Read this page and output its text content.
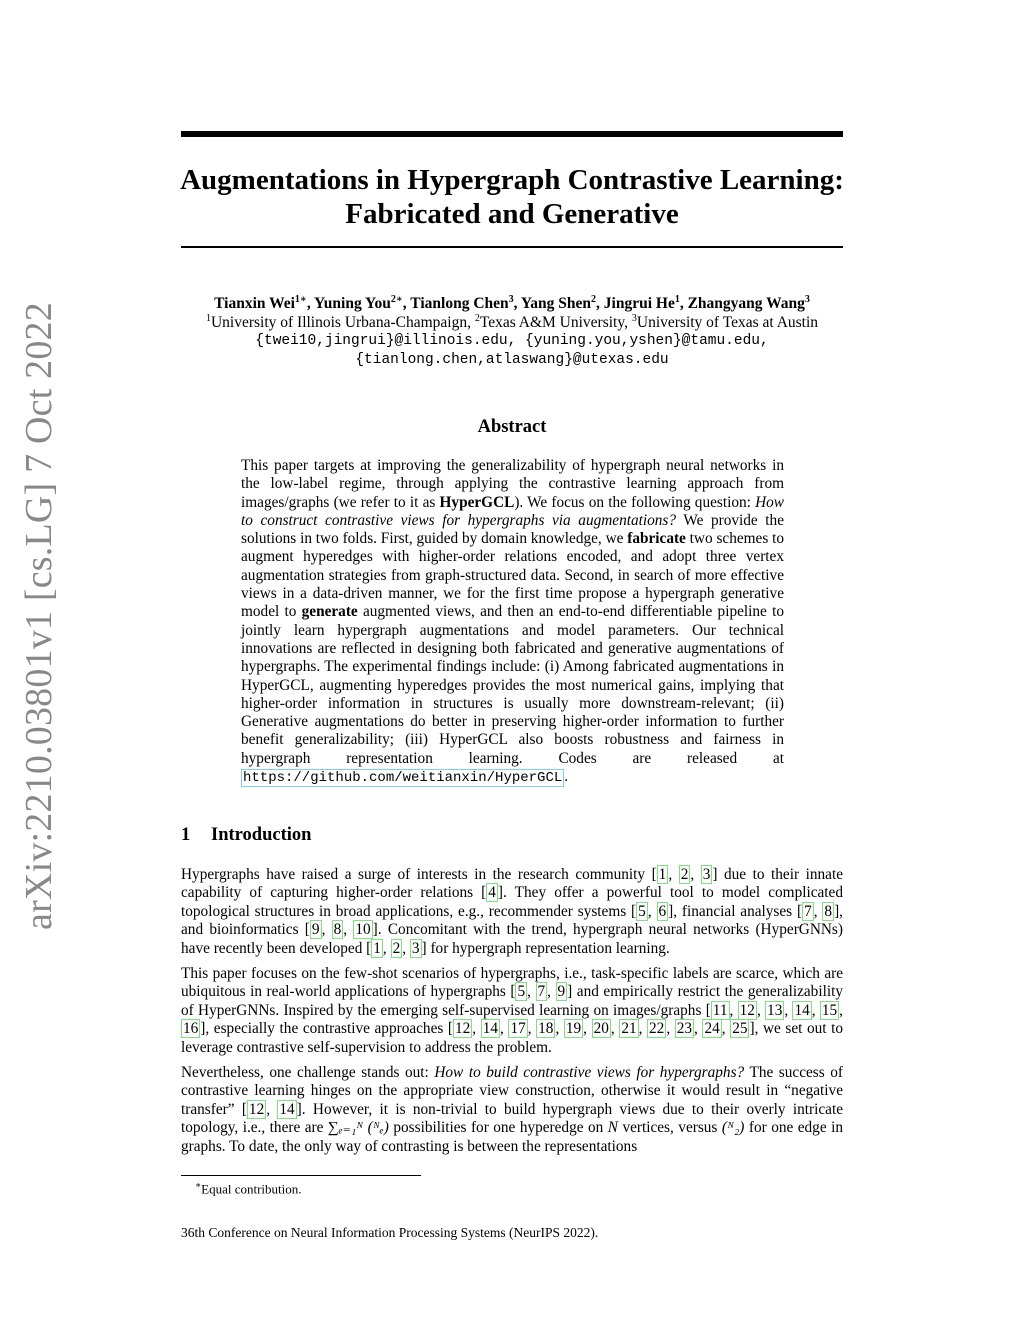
arXiv:2210.03801v1 [cs.LG] 7 Oct 2022
Augmentations in Hypergraph Contrastive Learning:
Fabricated and Generative
Tianxin Wei$^{1∗}$, Yuning You$^{2∗}$, Tianlong Chen$^3$, Yang Shen$^2$, Jingrui He$^1$, Zhangyang Wang$^3$
$^1$University of Illinois Urbana-Champaign, $^2$Texas A&M University, $^3$University of Texas at Austin
{twei10,jingrui}@illinois.edu, {yuning.you,yshen}@tamu.edu,
{tianlong.chen,atlaswang}@utexas.edu
Abstract
This paper targets at improving the generalizability of hypergraph neural networks in the low-label regime, through applying the contrastive learning approach from images/graphs (we refer to it as HyperGCL). We focus on the following question: How to construct contrastive views for hypergraphs via augmentations? We provide the solutions in two folds. First, guided by domain knowledge, we fabricate two schemes to augment hyperedges with higher-order relations encoded, and adopt three vertex augmentation strategies from graph-structured data. Second, in search of more effective views in a data-driven manner, we for the first time propose a hypergraph generative model to generate augmented views, and then an end-to-end differentiable pipeline to jointly learn hypergraph augmentations and model parameters. Our technical innovations are reflected in designing both fabricated and generative augmentations of hypergraphs. The experimental findings include: (i) Among fabricated augmentations in HyperGCL, augmenting hyperedges provides the most numerical gains, implying that higher-order information in structures is usually more downstream-relevant; (ii) Generative augmentations do better in preserving higher-order information to further benefit generalizability; (iii) HyperGCL also boosts robustness and fairness in hypergraph representation learning. Codes are released at https://github.com/weitianxin/HyperGCL .
1 Introduction

Hypergraphs have raised a surge of interests in the research community [ 1 , 2 , 3 ] due to their innate capability of capturing higher-order relations [ 4 ]. They offer a powerful tool to model complicated topological structures in broad applications, e.g., recommender systems [ 5 , 6 ], financial analyses [ 7 , 8 ], and bioinformatics [ 9 , 8 , 10 ]. Concomitant with the trend, hypergraph neural networks (HyperGNNs) have recently been developed [ 1 , 2 , 3 ] for hypergraph representation learning.

This paper focuses on the few-shot scenarios of hypergraphs, i.e., task-specific labels are scarce, which are ubiquitous in real-world applications of hypergraphs [ 5 , 7 , 9 ] and empirically restrict the generalizability of HyperGNNs. Inspired by the emerging self-supervised learning on images/graphs [ 11 , 12 , 13 , 14 , 15 , 16 ], especially the contrastive approaches [ 12 , 14 , 17 , 18 , 19 , 20 , 21 , 22 , 23 , 24 , 25 ], we set out to leverage contrastive self-supervision to address the problem.

Nevertheless, one challenge stands out: How to build contrastive views for hypergraphs? The success of contrastive learning hinges on the appropriate view construction, otherwise it would result in “negative transfer” [ 12 , 14 ]. However, it is non-trivial to build hypergraph views due to their overly intricate topology, i.e., there are ∑ₑ₌₁ᴺ (ᴺₑ) possibilities for one hyperedge on N vertices, versus (ᴺ₂) for one edge in graphs. To date, the only way of contrasting is between the representations

∗Equal contribution.
36th Conference on Neural Information Processing Systems (NeurIPS 2022).
